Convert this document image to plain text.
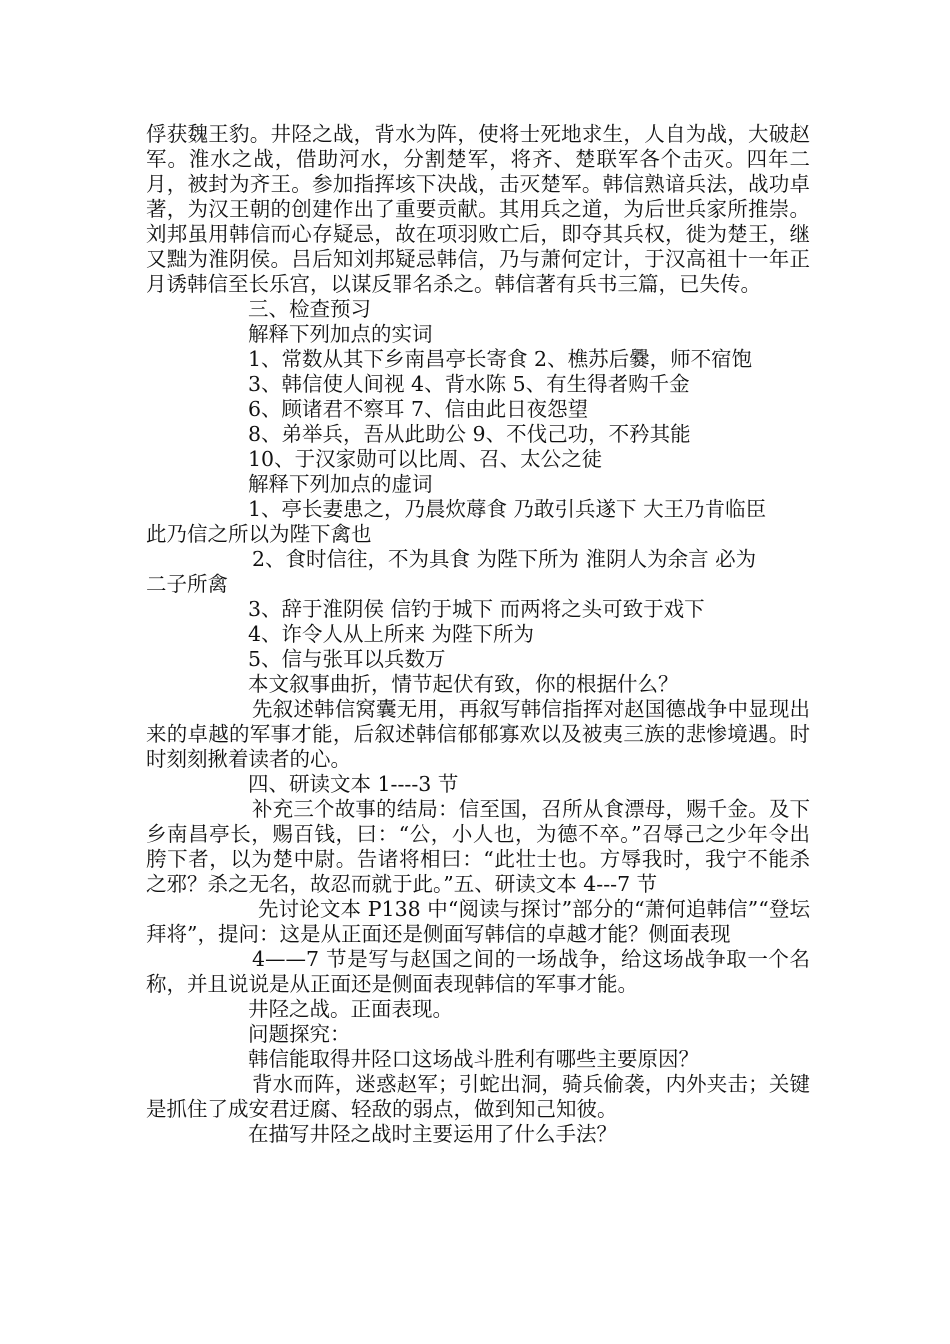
俘获魏王豹。井陉之战，背水为阵，使将士死地求生，人自为战，大破赵军。淮水之战，借助河水，分割楚军，将齐、楚联军各个击灭。四年二月，被封为齐王。参加指挥垓下决战，击灭楚军。韩信熟谙兵法，战功卓著，为汉王朝的创建作出了重要贡献。其用兵之道，为后世兵家所推崇。刘邦虽用韩信而心存疑忌，故在项羽败亡后，即夺其兵权，徙为楚王，继又黜为淮阴侯。吕后知刘邦疑忌韩信，乃与萧何定计，于汉高祖十一年正月诱韩信至长乐宫，以谋反罪名杀之。韩信著有兵书三篇，已失传。

三、检查预习

解释下列加点的实词

1、常数从其下乡南昌亭长寄食 2、樵苏后爨，师不宿饱

3、韩信使人间视 4、背水陈 5、有生得者购千金

6、顾诸君不察耳 7、信由此日夜怨望

8、弟举兵，吾从此助公 9、不伐己功，不矜其能

10、于汉家勋可以比周、召、太公之徒

解释下列加点的虚词

1、亭长妻患之，乃晨炊蓐食 乃敢引兵遂下 大王乃肯临臣

此乃信之所以为陛下禽也

2、食时信往，不为具食 为陛下所为 淮阴人为余言 必为

二子所禽

3、辞于淮阴侯 信钓于城下 而两将之头可致于戏下

4、诈令人从上所来 为陛下所为

5、信与张耳以兵数万

本文叙事曲折，情节起伏有致，你的根据什么？

先叙述韩信窝囊无用，再叙写韩信指挥对赵国德战争中显现出来的卓越的军事才能，后叙述韩信郁郁寡欢以及被夷三族的悲惨境遇。时时刻刻揪着读者的心。

四、研读文本 1----3 节

补充三个故事的结局：信至国，召所从食漂母，赐千金。及下乡南昌亭长，赐百钱，曰：“公，小人也，为德不卒。”召辱己之少年令出胯下者，以为楚中尉。告诸将相曰：“此壮士也。方辱我时，我宁不能杀之邪？杀之无名，故忍而就于此。”五、研读文本 4---7 节

先讨论文本 P138 中“阅读与探讨”部分的“萧何追韩信”“登坛拜将”，提问：这是从正面还是侧面写韩信的卓越才能？侧面表现

4——7 节是写与赵国之间的一场战争，给这场战争取一个名称，并且说说是从正面还是侧面表现韩信的军事才能。

井陉之战。正面表现。

问题探究：

韩信能取得井陉口这场战斗胜利有哪些主要原因？

背水而阵，迷惑赵军；引蛇出洞，骑兵偷袭，内外夹击；关键是抓住了成安君迂腐、轻敌的弱点，做到知己知彼。

在描写井陉之战时主要运用了什么手法？
